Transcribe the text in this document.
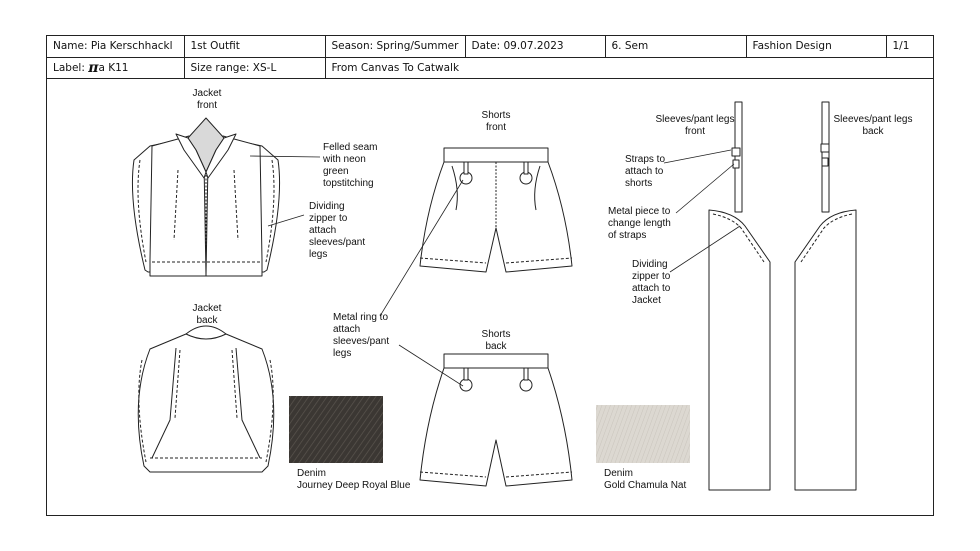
Name: Pia Kerschhackl	1st Outfit	Season: Spring/Summer	Date: 09.07.2023	6. Sem	Fashion Design	1/1
Label: πa K11	Size range: XS-L	From Canvas To Catwalk				
Jacket
front
Jacket
back
Shorts
front
Shorts
back
Sleeves/pant legs
front
Sleeves/pant legs
back
Felled seam
with neon
green
topstitching
Dividing
zipper to
attach
sleeves/pant
legs
Metal ring to
attach
sleeves/pant
legs
Straps to
attach to
shorts
Metal piece to
change length
of straps
Dividing
zipper to
attach to
Jacket
Denim
Journey Deep Royal Blue
Denim
Gold Chamula Nat
